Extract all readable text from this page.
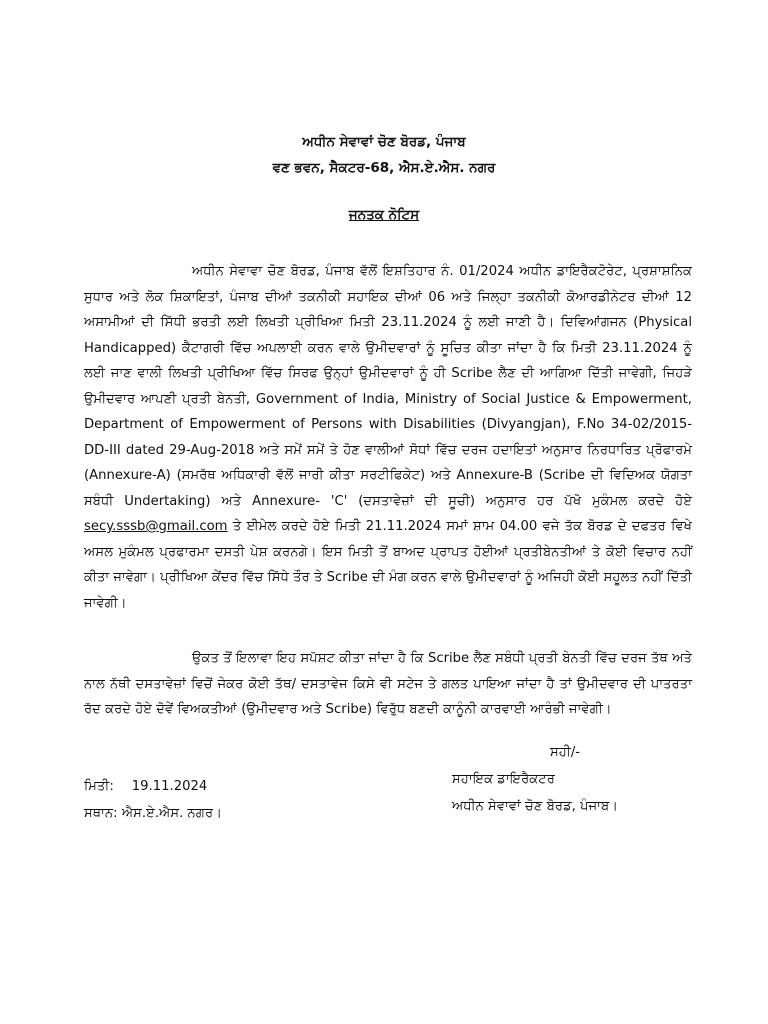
ਅਧੀਨ ਸੇਵਾਵਾਂ ਚੋਣ ਬੋਰਡ, ਪੰਜਾਬ
ਵਣ ਭਵਨ, ਸੈਕਟਰ-68, ਐਸ.ਏ.ਐਸ. ਨਗਰ
ਜਨਤਕ ਨੋਟਿਸ
ਅਧੀਨ ਸੇਵਾਵਾ ਚੋਣ ਬੋਰਡ, ਪੰਜਾਬ ਵੱਲੋਂ ਇਸ਼ਤਿਹਾਰ ਨੰ. 01/2024 ਅਧੀਨ ਡਾਇਰੈਕਟੋਰੇਟ, ਪ੍ਰਸ਼ਾਸ਼ਨਿਕ ਸੁਧਾਰ ਅਤੇ ਲੋਕ ਸ਼ਿਕਾਇਤਾਂ, ਪੰਜਾਬ ਦੀਆਂ ਤਕਨੀਕੀ ਸਹਾਇਕ ਦੀਆਂ 06 ਅਤੇ ਜਿਲ੍ਹਾ ਤਕਨੀਕੀ ਕੋਆਰਡੀਨੇਟਰ ਦੀਆਂ 12 ਅਸਾਮੀਆਂ ਦੀ ਸਿੱਧੀ ਭਰਤੀ ਲਈ ਲਿਖਤੀ ਪ੍ਰੀਖਿਆ ਮਿਤੀ 23.11.2024 ਨੂੰ ਲਈ ਜਾਣੀ ਹੈ। ਦਿਵਿਆਂਗਜਨ (Physical Handicapped) ਕੈਟਾਗਰੀ ਵਿੱਚ ਅਪਲਾਈ ਕਰਨ ਵਾਲੇ ਉਮੀਦਵਾਰਾਂ ਨੂੰ ਸੂਚਿਤ ਕੀਤਾ ਜਾਂਦਾ ਹੈ ਕਿ ਮਿਤੀ 23.11.2024 ਨੂੰ ਲਈ ਜਾਣ ਵਾਲੀ ਲਿਖਤੀ ਪ੍ਰੀਖਿਆ ਵਿੱਚ ਸਿਰਫ ਉਨ੍ਹਾਂ ਉਮੀਦਵਾਰਾਂ ਨੂੰ ਹੀ Scribe ਲੈਣ ਦੀ ਆਗਿਆ ਦਿੱਤੀ ਜਾਵੇਗੀ, ਜਿਹੜੇ ਉਮੀਦਵਾਰ ਆਪਣੀ ਪ੍ਰਤੀ ਬੇਨਤੀ, Government of India, Ministry of Social Justice & Empowerment, Department of Empowerment of Persons with Disabilities (Divyangjan), F.No 34-02/2015-DD-III dated 29-Aug-2018 ਅਤੇ ਸਮੇਂ ਸਮੇਂ ਤੇ ਹੋਣ ਵਾਲੀਆਂ ਸੋਧਾਂ ਵਿੱਚ ਦਰਜ ਹਦਾਇਤਾਂ ਅਨੁਸਾਰ ਨਿਰਧਾਰਿਤ ਪ੍ਰੋਫਾਰਮੇ (Annexure-A) (ਸਮਰੱਥ ਅਧਿਕਾਰੀ ਵੱਲੋਂ ਜਾਰੀ ਕੀਤਾ ਸਰਟੀਫਿਕੇਟ) ਅਤੇ Annexure-B (Scribe ਦੀ ਵਿਦਿਅਕ ਯੋਗਤਾ ਸਬੰਧੀ Undertaking) ਅਤੇ Annexure- 'C' (ਦਸਤਾਵੇਜ਼ਾਂ ਦੀ ਸੂਚੀ) ਅਨੁਸਾਰ ਹਰ ਪੱਖੋ ਮੁਕੰਮਲ ਕਰਦੇ ਹੋਏ secy.sssb@gmail.com ਤੇ ਈਮੇਲ ਕਰਦੇ ਹੋਏ ਮਿਤੀ 21.11.2024 ਸਮਾਂ ਸ਼ਾਮ 04.00 ਵਜੇ ਤੱਕ ਬੋਰਡ ਦੇ ਦਫਤਰ ਵਿਖੇ ਅਸਲ ਮੁਕੰਮਲ ਪ੍ਰਫਾਰਮਾ ਦਸਤੀ ਪੇਸ਼ ਕਰਨਗੇ। ਇਸ ਮਿਤੀ ਤੋਂ ਬਾਅਦ ਪ੍ਰਾਪਤ ਹੋਈਆਂ ਪ੍ਰਤੀਬੇਨਤੀਆਂ ਤੇ ਕੋਈ ਵਿਚਾਰ ਨਹੀਂ ਕੀਤਾ ਜਾਵੇਗਾ। ਪ੍ਰੀਖਿਆ ਕੇਂਦਰ ਵਿੱਚ ਸਿੱਧੇ ਤੌਰ ਤੇ Scribe ਦੀ ਮੰਗ ਕਰਨ ਵਾਲੇ ਉਮੀਦਵਾਰਾਂ ਨੂੰ ਅਜਿਹੀ ਕੋਈ ਸਹੂਲਤ ਨਹੀਂ ਦਿੱਤੀ ਜਾਵੇਗੀ।
ਉਕਤ ਤੋਂ ਇਲਾਵਾ ਇਹ ਸਪੱਸ਼ਟ ਕੀਤਾ ਜਾਂਦਾ ਹੈ ਕਿ Scribe ਲੈਣ ਸਬੰਧੀ ਪ੍ਰਤੀ ਬੇਨਤੀ ਵਿੱਚ ਦਰਜ ਤੱਥ ਅਤੇ ਨਾਲ ਨੱਥੀ ਦਸਤਾਵੇਜ਼ਾਂ ਵਿਚੋਂ ਜੇਕਰ ਕੋਈ ਤੱਥ/ ਦਸਤਾਵੇਜ ਕਿਸੇ ਵੀ ਸਟੇਜ ਤੇ ਗਲਤ ਪਾਇਆ ਜਾਂਦਾ ਹੈ ਤਾਂ ਉਮੀਦਵਾਰ ਦੀ ਪਾਤਰਤਾ ਰੱਦ ਕਰਦੇ ਹੋਏ ਦੋਵੇਂ ਵਿਅਕਤੀਆਂ (ਉਮੀਦਵਾਰ ਅਤੇ Scribe) ਵਿਰੁੱਧ ਬਣਦੀ ਕਾਨੂੰਨੀ ਕਾਰਵਾਈ ਆਰੰਭੀ ਜਾਵੇਗੀ।
ਸਹੀ/-
ਸਹਾਇਕ ਡਾਇਰੈਕਟਰ
ਅਧੀਨ ਸੇਵਾਵਾਂ ਚੋਣ ਬੋਰਡ, ਪੰਜਾਬ।
ਮਿਤੀ: 19.11.2024
ਸਥਾਨ: ਐਸ.ਏ.ਐਸ. ਨਗਰ।
